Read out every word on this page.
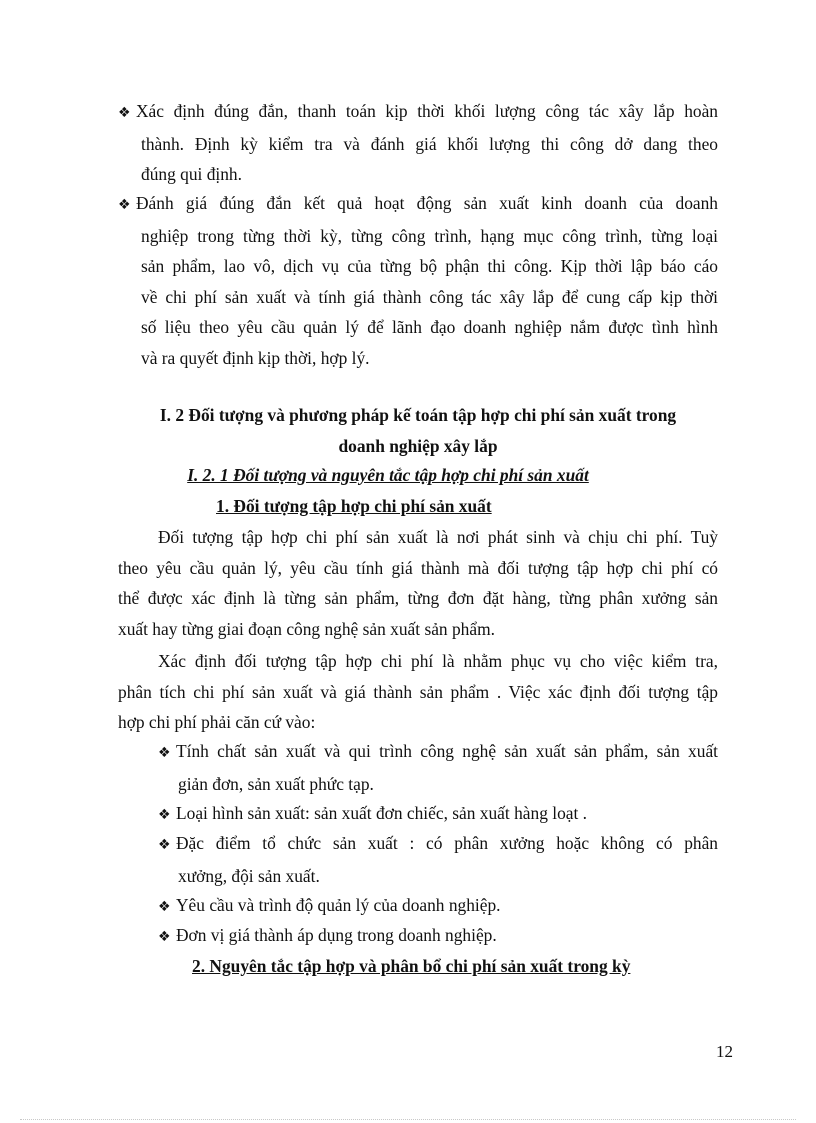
❖ Xác định đúng đắn, thanh toán kịp thời khối lượng công tác xây lắp hoàn
thành. Định kỳ kiểm tra và đánh giá khối lượng thi công dở dang theo
đúng qui định.
❖ Đánh giá đúng đắn kết quả hoạt động sản xuất kinh doanh của doanh
nghiệp trong từng thời kỳ, từng công trình, hạng mục công trình, từng loại
sản phẩm, lao vô, dịch vụ của từng bộ phận thi công. Kịp thời lập báo cáo
về chi phí sản xuất và tính giá thành công tác xây lắp để cung cấp kịp thời
số liệu theo yêu cầu quản lý để lãnh đạo doanh nghiệp nắm được tình hình
và ra quyết định kịp thời, hợp lý.
I. 2 Đối tượng và phương pháp kế toán tập hợp chi phí sản xuất trong
doanh nghiệp xây lắp
I. 2. 1 Đối tượng và nguyên tắc tập hợp chi phí sản xuất
1. Đối tượng tập hợp chi phí sản xuất
Đối tượng tập hợp chi phí sản xuất là nơi phát sinh và chịu chi phí. Tuỳ
theo yêu cầu quản lý, yêu cầu tính giá thành mà đối tượng tập hợp chi phí có
thể được xác định là từng sản phẩm, từng đơn đặt hàng, từng phân xưởng sản
xuất hay từng giai đoạn công nghệ sản xuất sản phẩm.
Xác định đối tượng tập hợp chi phí là nhằm phục vụ cho việc kiểm tra,
phân tích chi phí sản xuất và giá thành sản phẩm . Việc xác định đối tượng tập
hợp chi phí phải căn cứ vào:
❖ Tính chất sản xuất và qui trình công nghệ sản xuất sản phẩm, sản xuất
giản đơn, sản xuất phức tạp.
❖ Loại hình sản xuất: sản xuất đơn chiếc, sản xuất hàng loạt .
❖ Đặc điểm tổ chức sản xuất : có phân xưởng hoặc không có phân
xưởng, đội sản xuất.
❖ Yêu cầu và trình độ quản lý của doanh nghiệp.
❖ Đơn vị giá thành áp dụng trong doanh nghiệp.
2. Nguyên tắc tập hợp và phân bổ chi phí sản xuất trong kỳ
12
